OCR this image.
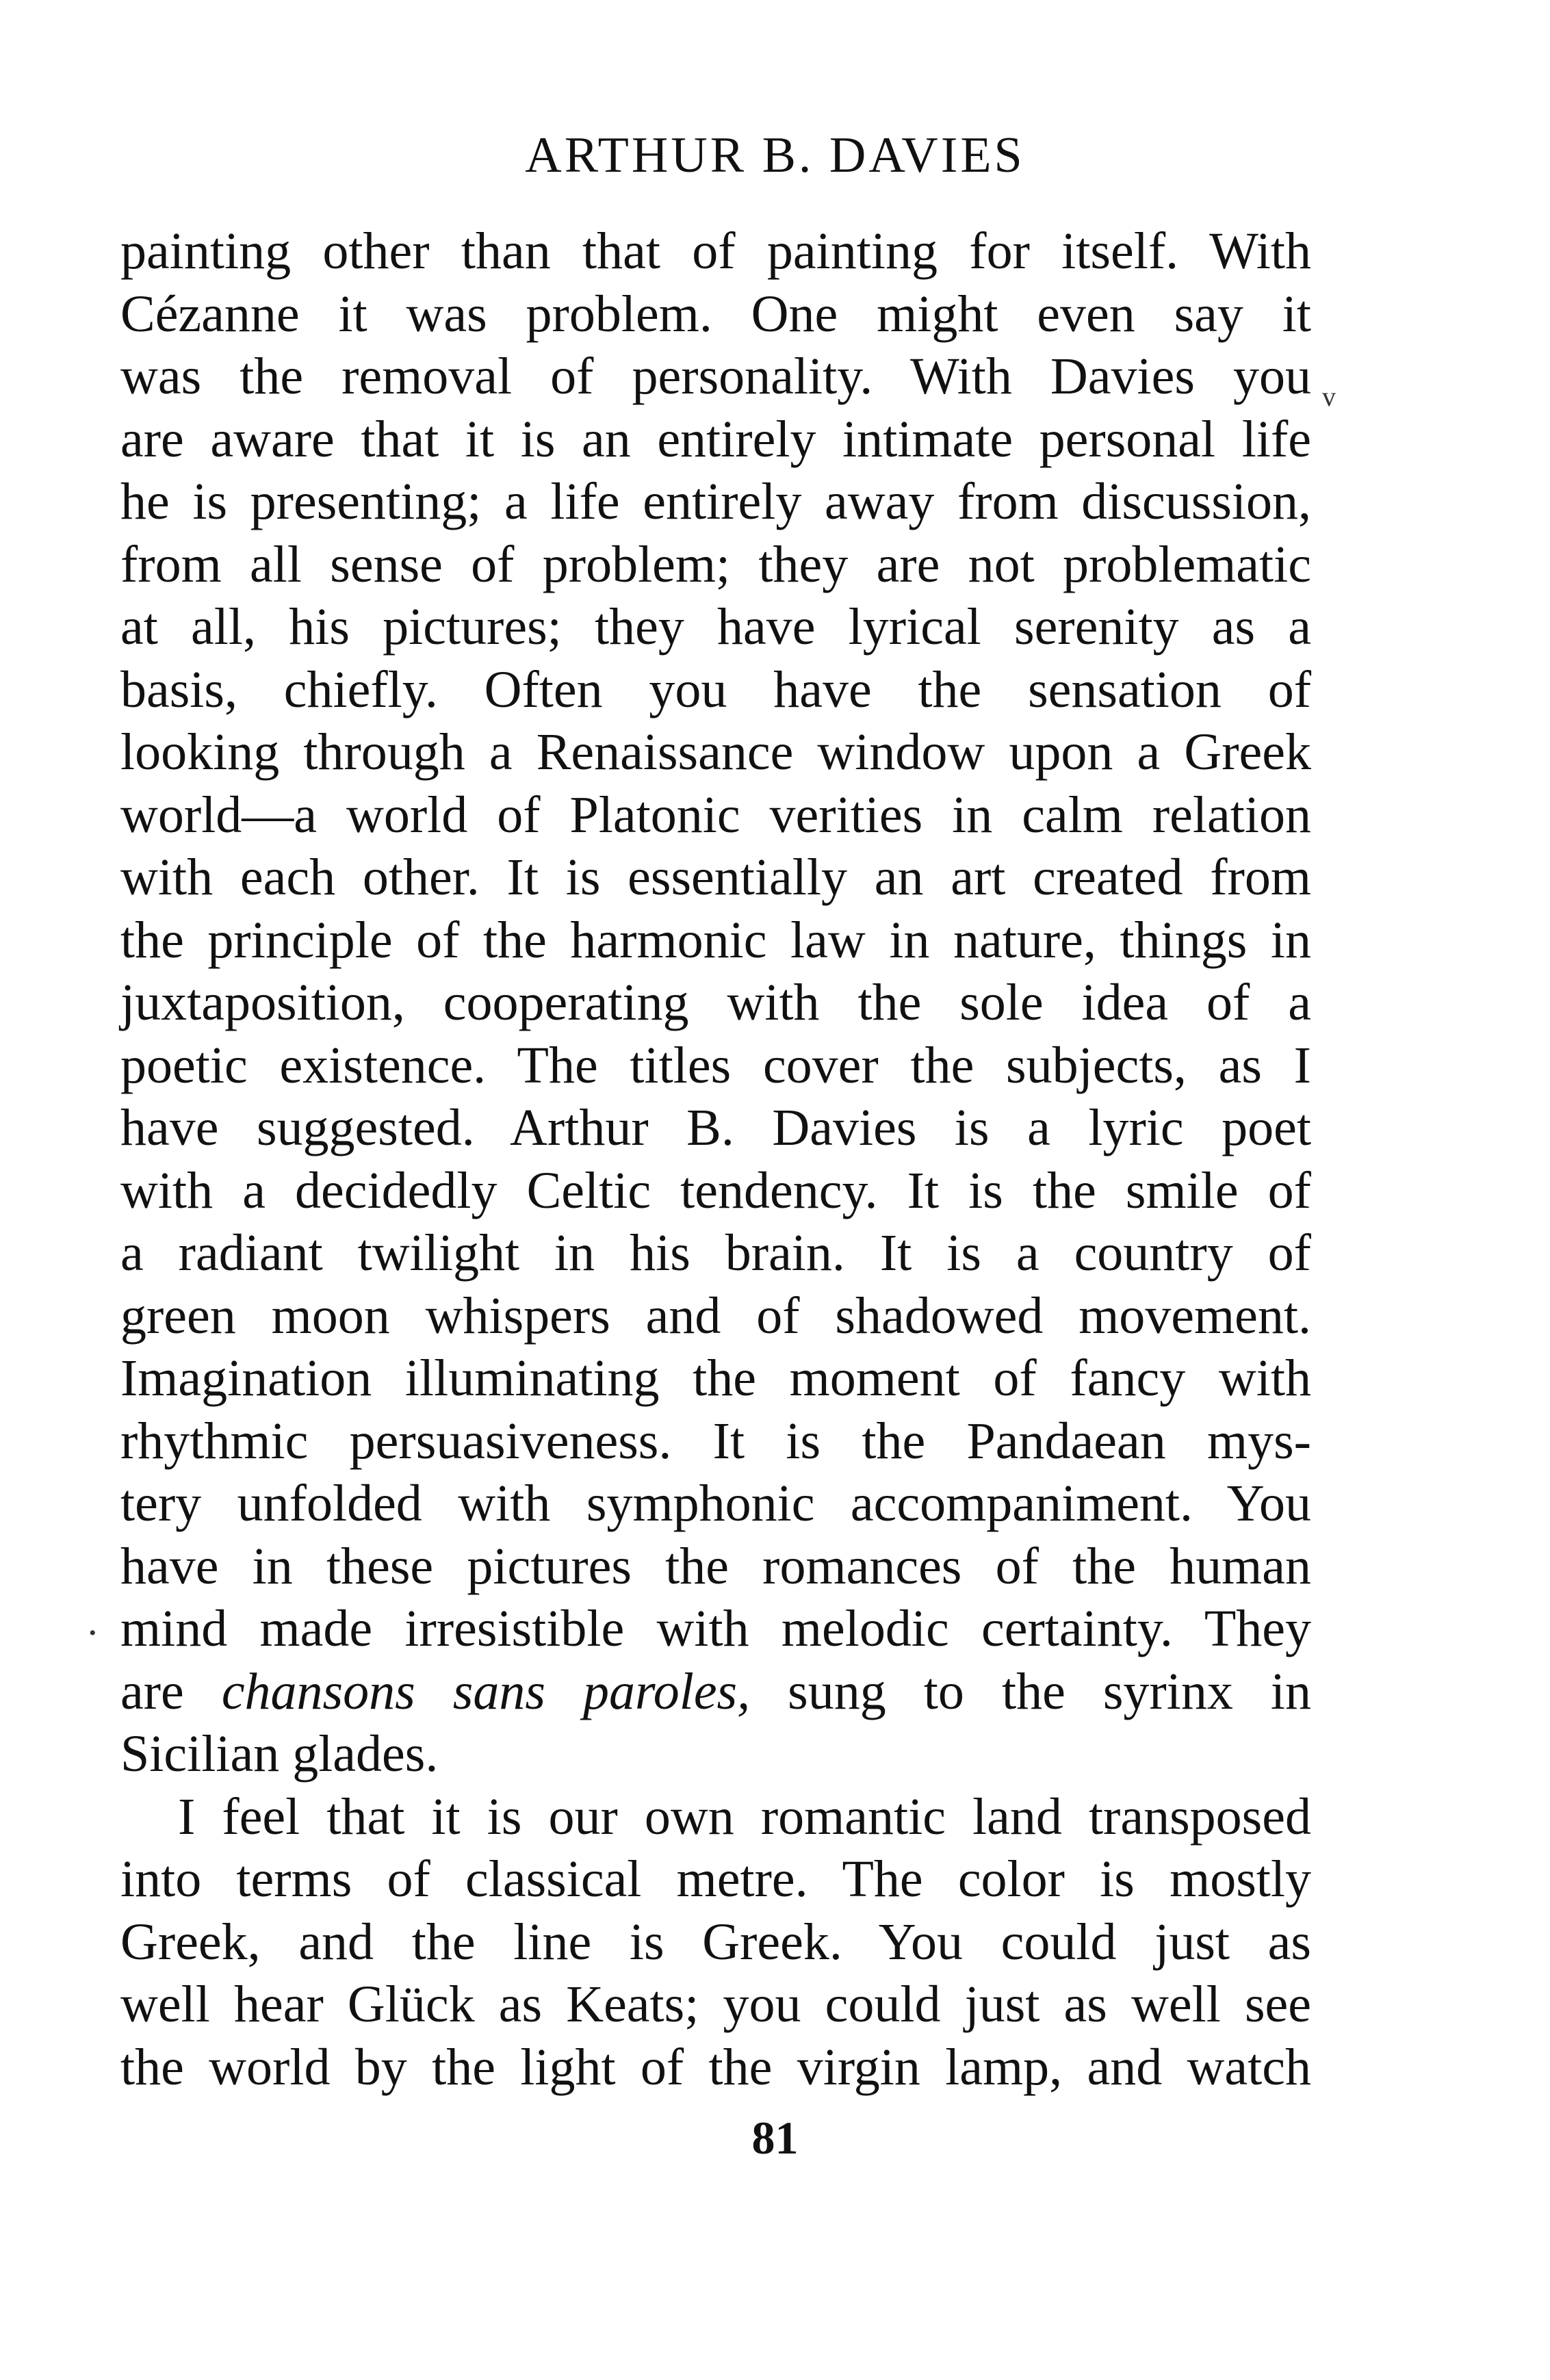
ARTHUR B. DAVIES
painting other than that of painting for itself. With
Cézanne it was problem. One might even say it
was the removal of personality. With Davies you
are aware that it is an entirely intimate personal life
he is presenting; a life entirely away from discussion,
from all sense of problem; they are not problematic
at all, his pictures; they have lyrical serenity as a
basis, chiefly. Often you have the sensation of
looking through a Renaissance window upon a Greek
world—a world of Platonic verities in calm relation
with each other. It is essentially an art created from
the principle of the harmonic law in nature, things in
juxtaposition, cooperating with the sole idea of a
poetic existence. The titles cover the subjects, as I
have suggested. Arthur B. Davies is a lyric poet
with a decidedly Celtic tendency. It is the smile of
a radiant twilight in his brain. It is a country of
green moon whispers and of shadowed movement.
Imagination illuminating the moment of fancy with
rhythmic persuasiveness. It is the Pandaean mys-
tery unfolded with symphonic accompaniment. You
have in these pictures the romances of the human
mind made irresistible with melodic certainty. They
are chansons sans paroles, sung to the syrinx in
Sicilian glades.
I feel that it is our own romantic land transposed
into terms of classical metre. The color is mostly
Greek, and the line is Greek. You could just as
well hear Glück as Keats; you could just as well see
the world by the light of the virgin lamp, and watch
81
v
•
